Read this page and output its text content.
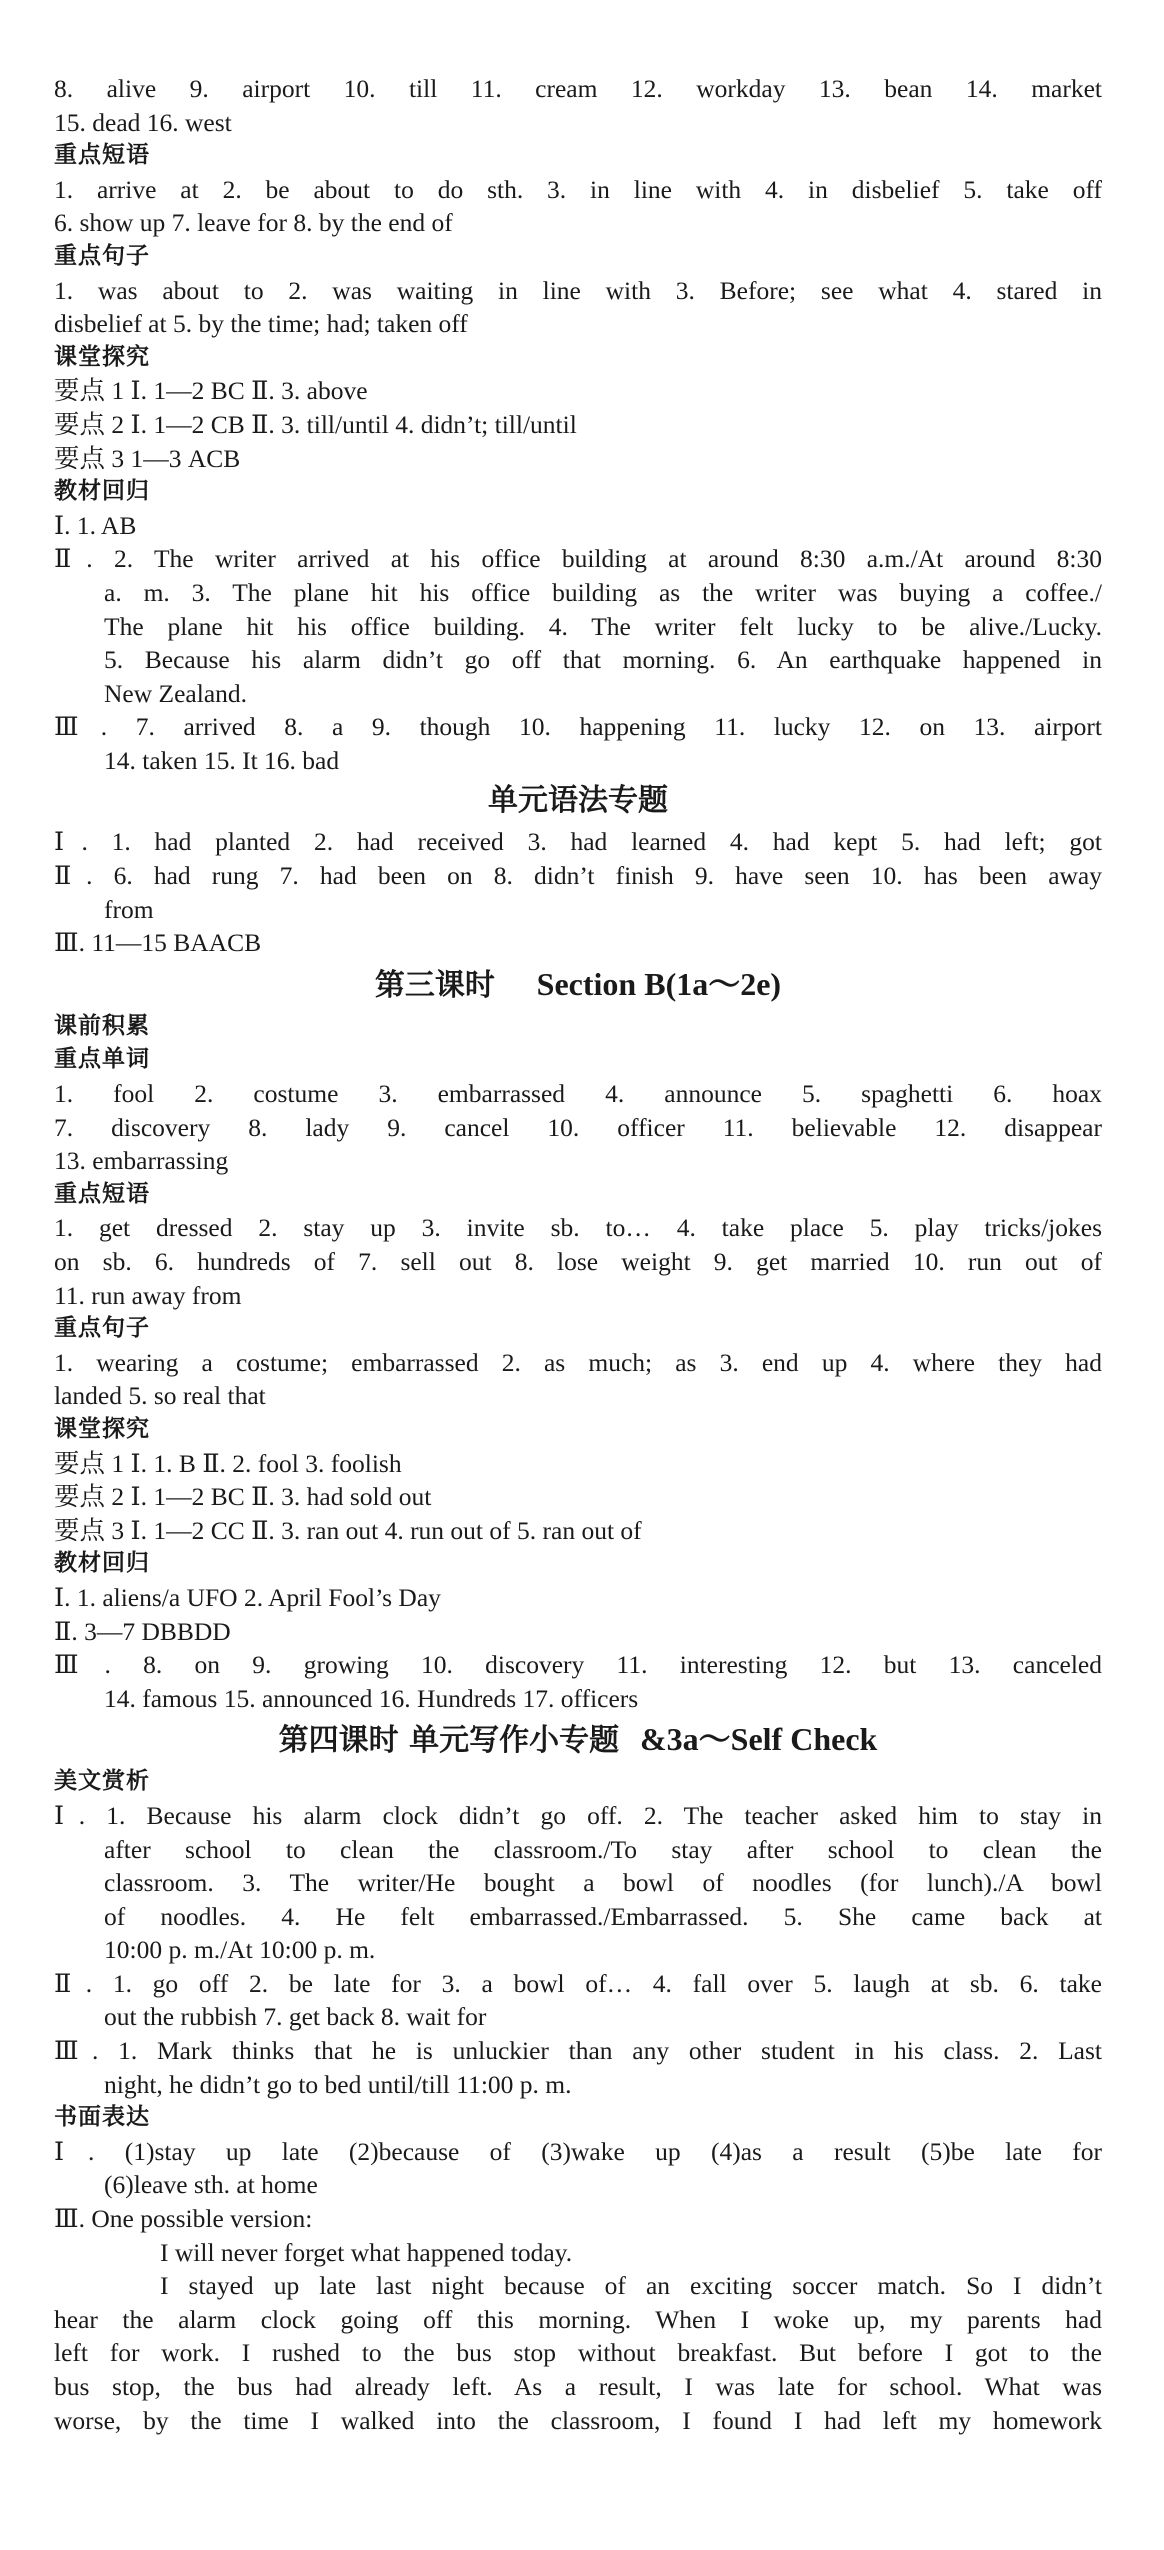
8. alive 9. airport 10. till 11. cream 12. workday 13. bean 14. market
15. dead 16. west
重点短语
1. arrive at 2. be about to do sth. 3. in line with 4. in disbelief 5. take off
6. show up 7. leave for 8. by the end of
重点句子
1. was about to 2. was waiting in line with 3. Before; see what 4. stared in
disbelief at 5. by the time; had; taken off
课堂探究
要点 1 Ⅰ. 1—2 BC Ⅱ. 3. above
要点 2 Ⅰ. 1—2 CB Ⅱ. 3. till/until 4. didn’t; till/until
要点 3 1—3 ACB
教材回归
Ⅰ. 1. AB
Ⅱ. 2. The writer arrived at his office building at around 8:30 a.m./At around 8:30
a. m. 3. The plane hit his office building as the writer was buying a coffee./
The plane hit his office building. 4. The writer felt lucky to be alive./Lucky.
5. Because his alarm didn’t go off that morning. 6. An earthquake happened in
New Zealand.
Ⅲ. 7. arrived 8. a 9. though 10. happening 11. lucky 12. on 13. airport
14. taken 15. It 16. bad
单元语法专题
Ⅰ. 1. had planted 2. had received 3. had learned 4. had kept 5. had left; got
Ⅱ. 6. had rung 7. had been on 8. didn’t finish 9. have seen 10. has been away
from
Ⅲ. 11—15 BAACB
第三课时 Section B(1a～2e)
课前积累
重点单词
1. fool 2. costume 3. embarrassed 4. announce 5. spaghetti 6. hoax
7. discovery 8. lady 9. cancel 10. officer 11. believable 12. disappear
13. embarrassing
重点短语
1. get dressed 2. stay up 3. invite sb. to… 4. take place 5. play tricks/jokes
on sb. 6. hundreds of 7. sell out 8. lose weight 9. get married 10. run out of
11. run away from
重点句子
1. wearing a costume; embarrassed 2. as much; as 3. end up 4. where they had
landed 5. so real that
课堂探究
要点 1 Ⅰ. 1. B Ⅱ. 2. fool 3. foolish
要点 2 Ⅰ. 1—2 BC Ⅱ. 3. had sold out
要点 3 Ⅰ. 1—2 CC Ⅱ. 3. ran out 4. run out of 5. ran out of
教材回归
Ⅰ. 1. aliens/a UFO 2. April Fool’s Day
Ⅱ. 3—7 DBBDD
Ⅲ. 8. on 9. growing 10. discovery 11. interesting 12. but 13. canceled
14. famous 15. announced 16. Hundreds 17. officers
第四课时 单元写作小专题 &3a～Self Check
美文赏析
Ⅰ. 1. Because his alarm clock didn’t go off. 2. The teacher asked him to stay in
after school to clean the classroom./To stay after school to clean the
classroom. 3. The writer/He bought a bowl of noodles (for lunch)./A bowl
of noodles. 4. He felt embarrassed./Embarrassed. 5. She came back at
10:00 p. m./At 10:00 p. m.
Ⅱ. 1. go off 2. be late for 3. a bowl of… 4. fall over 5. laugh at sb. 6. take
out the rubbish 7. get back 8. wait for
Ⅲ. 1. Mark thinks that he is unluckier than any other student in his class. 2. Last
night, he didn’t go to bed until/till 11:00 p. m.
书面表达
Ⅰ. (1)stay up late (2)because of (3)wake up (4)as a result (5)be late for
(6)leave sth. at home
Ⅲ. One possible version:
I will never forget what happened today.
I stayed up late last night because of an exciting soccer match. So I didn’t
hear the alarm clock going off this morning. When I woke up, my parents had
left for work. I rushed to the bus stop without breakfast. But before I got to the
bus stop, the bus had already left. As a result, I was late for school. What was
worse, by the time I walked into the classroom, I found I had left my homework
